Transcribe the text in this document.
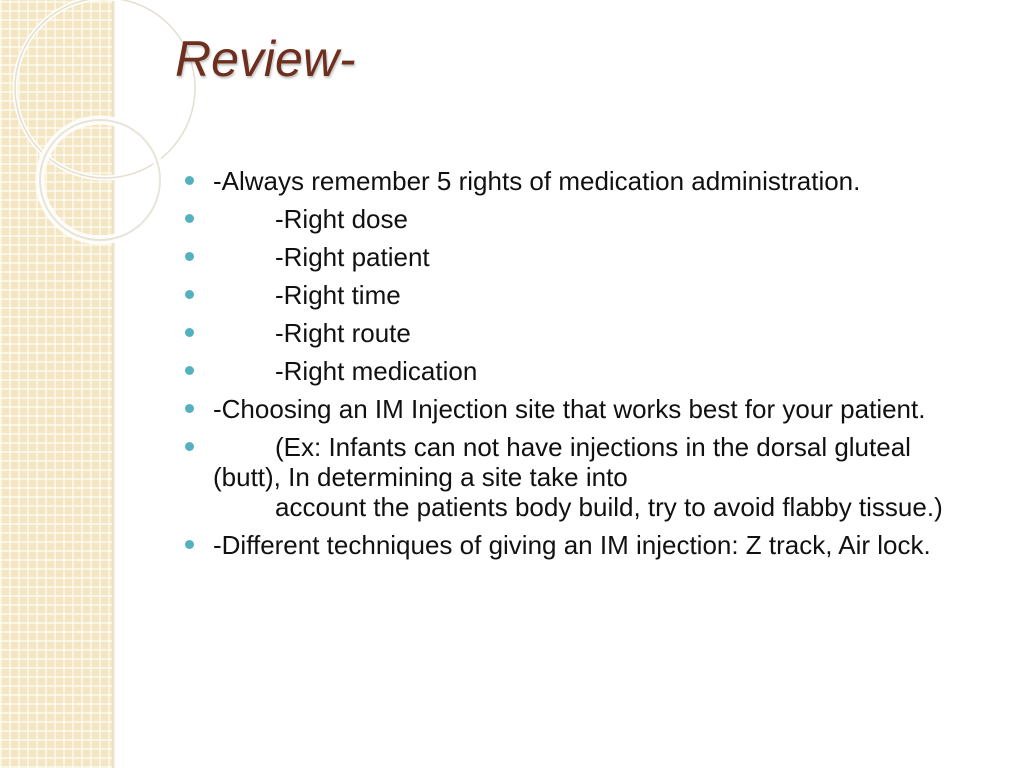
Review-
-Always remember 5 rights of medication administration.
-Right dose
-Right patient
-Right time
-Right route
-Right medication
-Choosing an IM Injection site that works best for your patient.
(Ex: Infants can not have injections in the dorsal gluteal (butt), In determining a site take into
account the patients body build, try to avoid flabby tissue.)
-Different techniques of giving an IM injection: Z track, Air lock.
